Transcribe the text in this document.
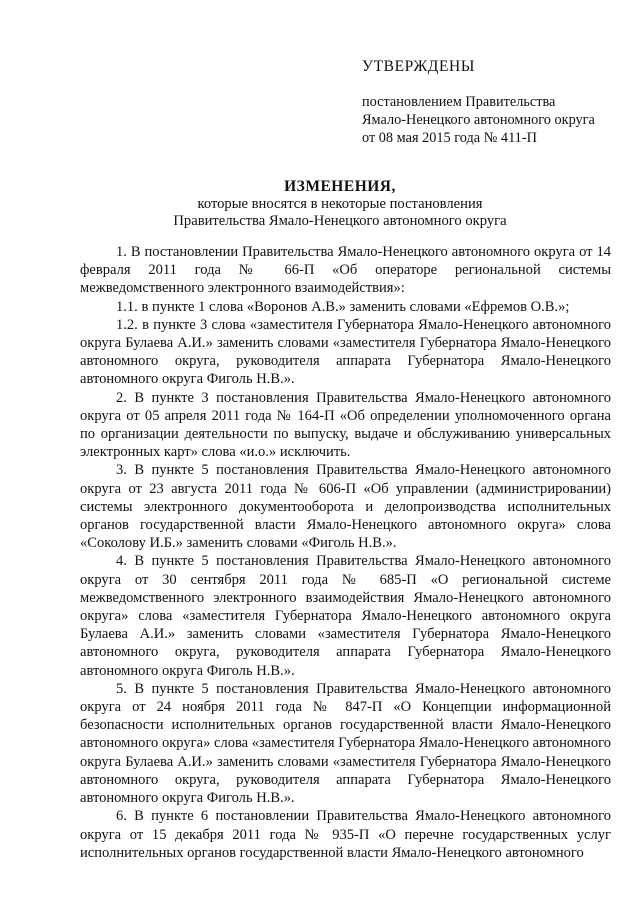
УТВЕРЖДЕНЫ

постановлением Правительства

Ямало-Ненецкого автономного округа

от 08 мая 2015 года № 411-П

ИЗМЕНЕНИЯ,

которые вносятся в некоторые постановления

Правительства Ямало-Ненецкого автономного округа

1. В постановлении Правительства Ямало-Ненецкого автономного округа от 14 февраля 2011 года № 66-П «Об операторе региональной системы межведомственного электронного взаимодействия»:

1.1. в пункте 1 слова «Воронов А.В.» заменить словами «Ефремов О.В.»;

1.2. в пункте 3 слова «заместителя Губернатора Ямало-Ненецкого автономного округа Булаева А.И.» заменить словами «заместителя Губернатора Ямало-Ненецкого автономного округа, руководителя аппарата Губернатора Ямало-Ненецкого автономного округа Фиголь Н.В.».

2. В пункте 3 постановления Правительства Ямало-Ненецкого автономного округа от 05 апреля 2011 года № 164-П «Об определении уполномоченного органа по организации деятельности по выпуску, выдаче и обслуживанию универсальных электронных карт» слова «и.о.» исключить.

3. В пункте 5 постановления Правительства Ямало-Ненецкого автономного округа от 23 августа 2011 года № 606-П «Об управлении (администрировании) системы электронного документооборота и делопроизводства исполнительных органов государственной власти Ямало-Ненецкого автономного округа» слова «Соколову И.Б.» заменить словами «Фиголь Н.В.».

4. В пункте 5 постановления Правительства Ямало-Ненецкого автономного округа от 30 сентября 2011 года № 685-П «О региональной системе межведомственного электронного взаимодействия Ямало-Ненецкого автономного округа» слова «заместителя Губернатора Ямало-Ненецкого автономного округа Булаева А.И.» заменить словами «заместителя Губернатора Ямало-Ненецкого автономного округа, руководителя аппарата Губернатора Ямало-Ненецкого автономного округа Фиголь Н.В.».

5. В пункте 5 постановления Правительства Ямало-Ненецкого автономного округа от 24 ноября 2011 года № 847-П «О Концепции информационной безопасности исполнительных органов государственной власти Ямало-Ненецкого автономного округа» слова «заместителя Губернатора Ямало-Ненецкого автономного округа Булаева А.И.» заменить словами «заместителя Губернатора Ямало-Ненецкого автономного округа, руководителя аппарата Губернатора Ямало-Ненецкого автономного округа Фиголь Н.В.».

6. В пункте 6 постановлении Правительства Ямало-Ненецкого автономного округа от 15 декабря 2011 года № 935-П «О перечне государственных услуг исполнительных органов государственной власти Ямало-Ненецкого автономного
